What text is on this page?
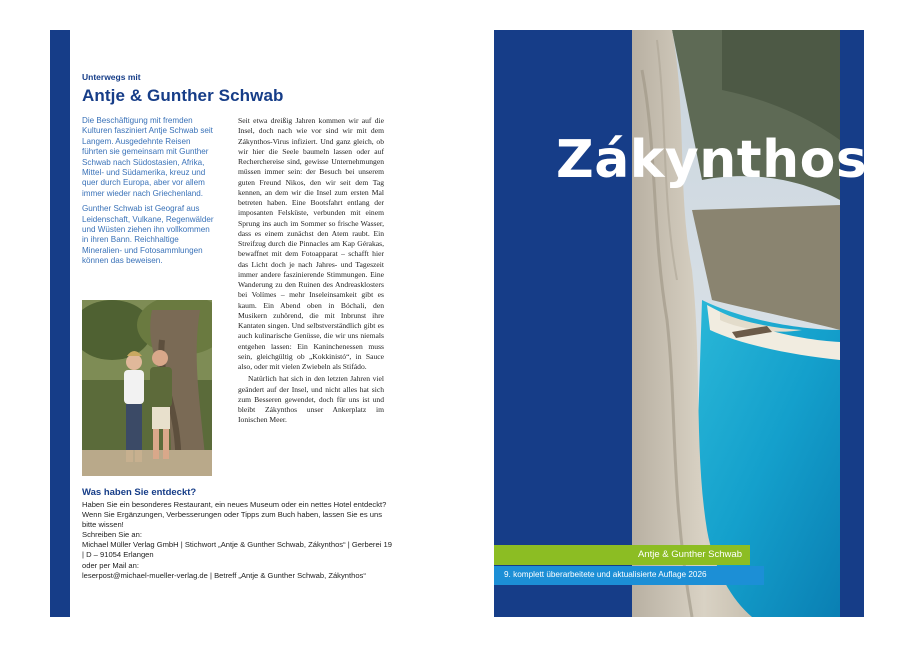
Unterwegs mit
Antje & Gunther Schwab

Die Beschäftigung mit fremden Kulturen fasziniert Antje Schwab seit Langem. Ausgedehnte Reisen führten sie gemeinsam mit Gunther Schwab nach Südostasien, Afrika, Mittel- und Südamerika, kreuz und quer durch Europa, aber vor allem immer wieder nach Griechenland.

Gunther Schwab ist Geograf aus Leidenschaft, Vulkane, Regenwälder und Wüsten ziehen ihn vollkommen in ihren Bann. Reichhaltige Mineralien- und Fotosammlungen können das beweisen.

Seit etwa dreißig Jahren kommen wir auf die Insel, doch nach wie vor sind wir mit dem Zákynthos-Virus infiziert. Und ganz gleich, ob wir hier die Seele baumeln lassen oder auf Recherchereise sind, gewisse Unternehmungen müssen immer sein: der Besuch bei unserem guten Freund Nikos, den wir seit dem Tag kennen, an dem wir die Insel zum ersten Mal betreten haben. Eine Bootsfahrt entlang der imposanten Felsküste, verbunden mit einem Sprung ins auch im Sommer so frische Wasser, dass es einem zunächst den Atem raubt. Ein Streifzug durch die Pinnacles am Kap Gérakas, bewaffnet mit dem Fotoapparat – schafft hier das Licht doch je nach Jahres- und Tageszeit immer andere faszinierende Stimmungen. Eine Wanderung zu den Ruinen des Andreasklosters bei Volímes – mehr Inseleinsamkeit gibt es kaum. Ein Abend oben in Bóchali, den Musikern zuhörend, die mit Inbrunst ihre Kantaten singen. Und selbstverständlich gibt es auch kulinarische Genüsse, die wir uns niemals entgehen lassen: Ein Kaninchenessen muss sein, gleichgültig ob „Kokkinistó“, in Sauce also, oder mit vielen Zwiebeln als Stifádo.

Natürlich hat sich in den letzten Jahren viel geändert auf der Insel, und nicht alles hat sich zum Besseren gewendet, doch für uns ist und bleibt Zákynthos unser Ankerplatz im Ionischen Meer.

Was haben Sie entdeckt?
Haben Sie ein besonderes Restaurant, ein neues Museum oder ein nettes Hotel entdeckt? Wenn Sie Ergänzungen, Verbesserungen oder Tipps zum Buch haben, lassen Sie es uns bitte wissen!
Schreiben Sie an:
Michael Müller Verlag GmbH | Stichwort „Antje & Gunther Schwab, Zákynthos“ | Gerberei 19 | D – 91054 Erlangen
oder per Mail an:
leserpost@michael-mueller-verlag.de | Betreff „Antje & Gunther Schwab, Zákynthos“
Zákynthos
Antje & Gunther Schwab
9. komplett überarbeitete und aktualisierte Auflage 2026
